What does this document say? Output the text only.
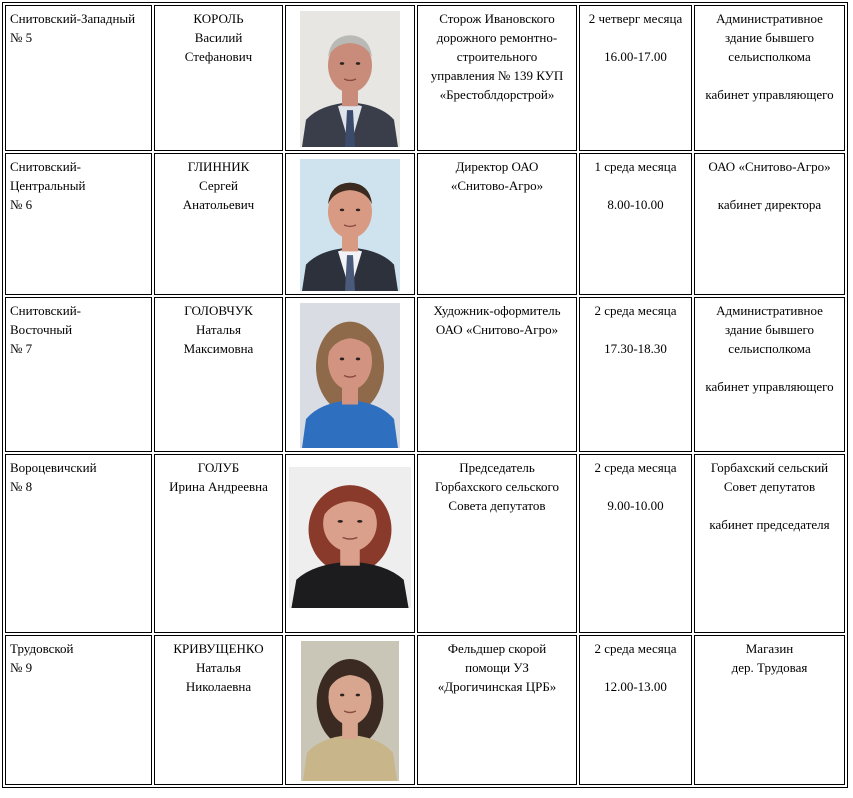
Снитовский-Западный
№ 5	КОРОЛЬ
Василий
Стефанович		Сторож Ивановского
дорожного ремонтно-
строительного
управления № 139 КУП
«Брестоблдорстрой»	2 четверг месяца
16.00-17.00	Административное
здание бывшего
сельисполкома
кабинет управляющего

Снитовский-
Центральный
№ 6	ГЛИННИК
Сергей
Анатольевич		Директор ОАО
«Снитово-Агро»	1 среда месяца
8.00-10.00	ОАО «Снитово-Агро»
кабинет директора

Снитовский-
Восточный
№ 7	ГОЛОВЧУК
Наталья
Максимовна		Художник-оформитель
ОАО «Снитово-Агро»	2 среда месяца
17.30-18.30	Административное
здание бывшего
сельисполкома
кабинет управляющего

Вороцевичский
№ 8	ГОЛУБ
Ирина Андреевна		Председатель
Горбахского сельского
Совета депутатов	2 среда месяца
9.00-10.00	Горбахский сельский
Совет депутатов
кабинет председателя

Трудовской
№ 9	КРИВУЩЕНКО
Наталья
Николаевна		Фельдшер скорой
помощи УЗ
«Дрогичинская ЦРБ»	2 среда месяца
12.00-13.00	Магазин
дер. Трудовая
